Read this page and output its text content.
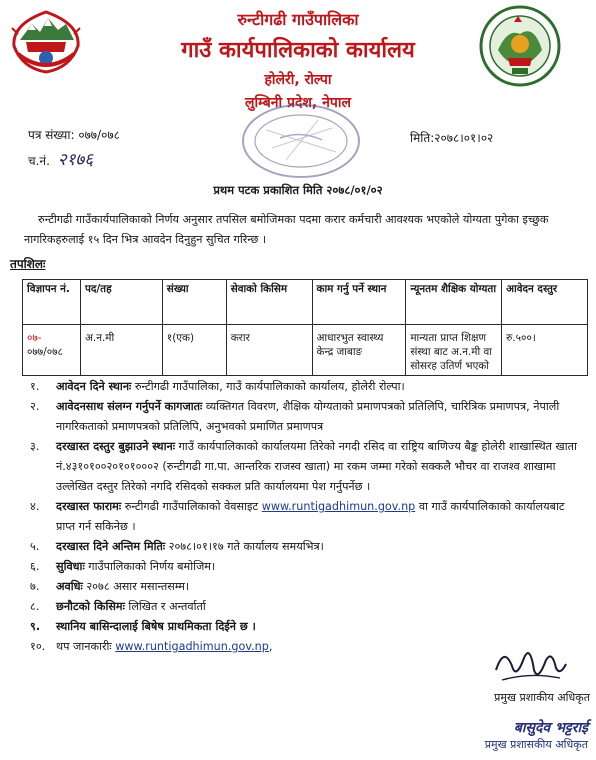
रुन्टीगढी गाउँपालिका
गाउँ कार्यपालिकाको कार्यालय
होलेरी, रोल्पा
लुम्बिनी प्रदेश, नेपाल
पत्र संख्या: ०७७/०७८
च.नं. २१७६
मिति:२०७८।०१।०२
प्रथम पटक प्रकाशित मिति २०७८/०१/०२

रुन्टीगढी गाउँकार्यपालिकाको निर्णय अनुसार तपसिल बमोजिमका पदमा करार कर्मचारी आवश्यक भएकोले योग्यता पुगेका इच्छुक नागरिकहरुलाई १५ दिन भित्र आवदेन दिनुहुन सुचित गरिन्छ ।

तपशिलः
विज्ञापन नं.	पद/तह	संख्या	सेवाको किसिम	काम गर्नु पर्ने स्थान	न्यूनतम शैक्षिक योग्यता	आवेदन दस्तुर
०७-
०७७/०७८	अ.न.मी	१(एक)	करार	आधारभुत स्वास्थ्य केन्द्र जाबाङ	मान्यता प्राप्त शिक्षण संस्था बाट अ.न.मी वा सोसरह उतिर्ण भएको	रु.५००।
१. आवेदन दिने स्थानः रुन्टीगढी गाउँपालिका, गाउँ कार्यपालिकाको कार्यालय, होलेरी रोल्पा।
२. आवेदनसाथ संलग्न गर्नुपर्ने कागजातः व्यक्तिगत विवरण, शैक्षिक योग्यताको प्रमाणपत्रको प्रतिलिपि, चारित्रिक प्रमाणपत्र, नेपाली नागरिकताको प्रमाणपत्रको प्रतिलिपि, अनुभवको प्रमाणित प्रमाणपत्र
३. दरखास्त दस्तुर बुझाउने स्थानः गाउँ कार्यपालिकाको कार्यालयमा तिरेको नगदी रसिद वा राष्ट्रिय बाणिज्य बैङ्क होलेरी शाखास्थित खाता नं.४३१०१००२०१०१०००२ (रुन्टीगढी गा.पा. आन्तरिक राजस्व खाता) मा रकम जम्मा गरेको सक्कलै भौचर वा राजश्व शाखामा उल्लेखित दस्तुर तिरेको नगदि रसिदको सक्कल प्रति कार्यालयमा पेश गर्नुपर्नेछ ।
४. दरखास्त फारामः रुन्टीगढी गाउँपालिकाको वेवसाइट www.runtigadhimun.gov.np वा गाउँ कार्यपालिकाको कार्यालयबाट प्राप्त गर्न सकिनेछ ।
५. दरखास्त दिने अन्तिम मितिः २०७८।०१।१७ गते कार्यालय समयभित्र।
६. सुविधाः गाउँपालिकाको निर्णय बमोजिम।
७. अवधिः २०७८ असार मसान्तसम्म।
८. छनौटको किसिमः लिखित र अन्तर्वार्ता
९. स्थानिय बासिन्दालाई बिषेष प्राथमिकता दिईने छ ।
१०. थप जानकारीः www.runtigadhimun.gov.np,
प्रमुख प्रशाकीय अधिकृत
बासुदेव भट्टराई
प्रमुख प्रशासकीय अधिकृत
